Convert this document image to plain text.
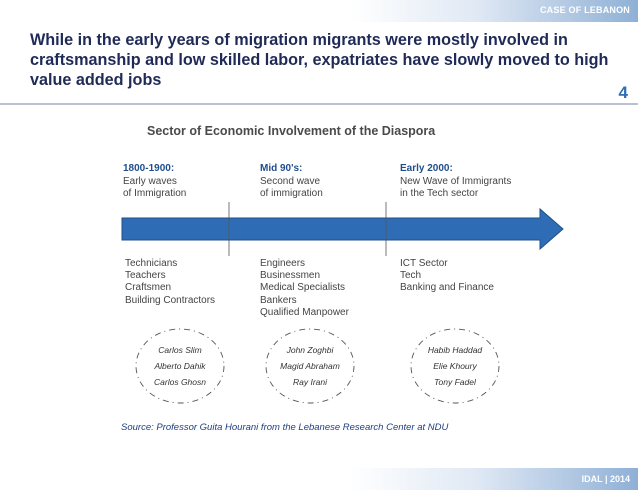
CASE OF LEBANON
While in the early years of migration migrants were mostly involved in craftsmanship and low skilled labor, expatriates have slowly moved to high value added jobs
4
Sector of Economic Involvement of the Diaspora
1800-1900:
Early waves
of Immigration
Mid 90's:
Second wave
of immigration
Early 2000:
New Wave of Immigrants
in the Tech sector
Technicians
Teachers
Craftsmen
Building Contractors
Engineers
Businessmen
Medical Specialists
Bankers
Qualified Manpower
ICT Sector
Tech
Banking and Finance
Carlos Slim
Alberto Dahik
Carlos Ghosn
John Zoghbi
Magid Abraham
Ray Irani
Habib Haddad
Elie Khoury
Tony Fadel
Source: Professor Guita Hourani from the Lebanese Research Center at NDU
IDAL | 2014
